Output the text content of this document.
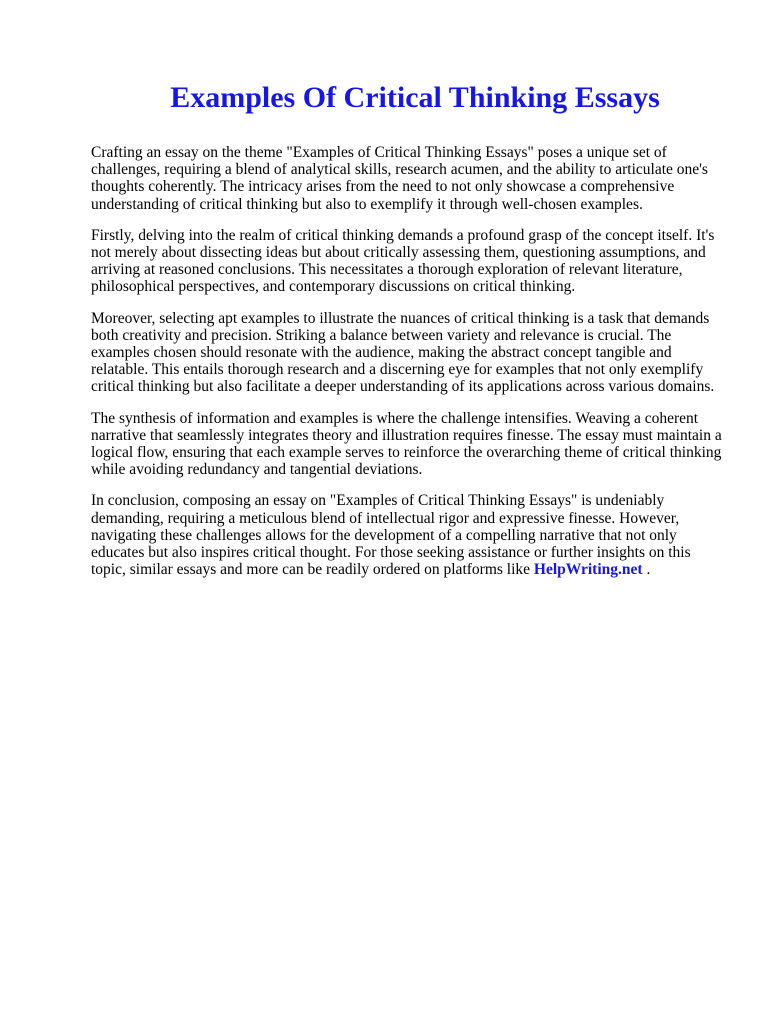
Examples Of Critical Thinking Essays

Crafting an essay on the theme "Examples of Critical Thinking Essays" poses a unique set of challenges, requiring a blend of analytical skills, research acumen, and the ability to articulate one's thoughts coherently. The intricacy arises from the need to not only showcase a comprehensive understanding of critical thinking but also to exemplify it through well-chosen examples.

Firstly, delving into the realm of critical thinking demands a profound grasp of the concept itself. It's not merely about dissecting ideas but about critically assessing them, questioning assumptions, and arriving at reasoned conclusions. This necessitates a thorough exploration of relevant literature, philosophical perspectives, and contemporary discussions on critical thinking.

Moreover, selecting apt examples to illustrate the nuances of critical thinking is a task that demands both creativity and precision. Striking a balance between variety and relevance is crucial. The examples chosen should resonate with the audience, making the abstract concept tangible and relatable. This entails thorough research and a discerning eye for examples that not only exemplify critical thinking but also facilitate a deeper understanding of its applications across various domains.

The synthesis of information and examples is where the challenge intensifies. Weaving a coherent narrative that seamlessly integrates theory and illustration requires finesse. The essay must maintain a logical flow, ensuring that each example serves to reinforce the overarching theme of critical thinking while avoiding redundancy and tangential deviations.

In conclusion, composing an essay on "Examples of Critical Thinking Essays" is undeniably demanding, requiring a meticulous blend of intellectual rigor and expressive finesse. However, navigating these challenges allows for the development of a compelling narrative that not only educates but also inspires critical thought. For those seeking assistance or further insights on this topic, similar essays and more can be readily ordered on platforms like HelpWriting.net .
